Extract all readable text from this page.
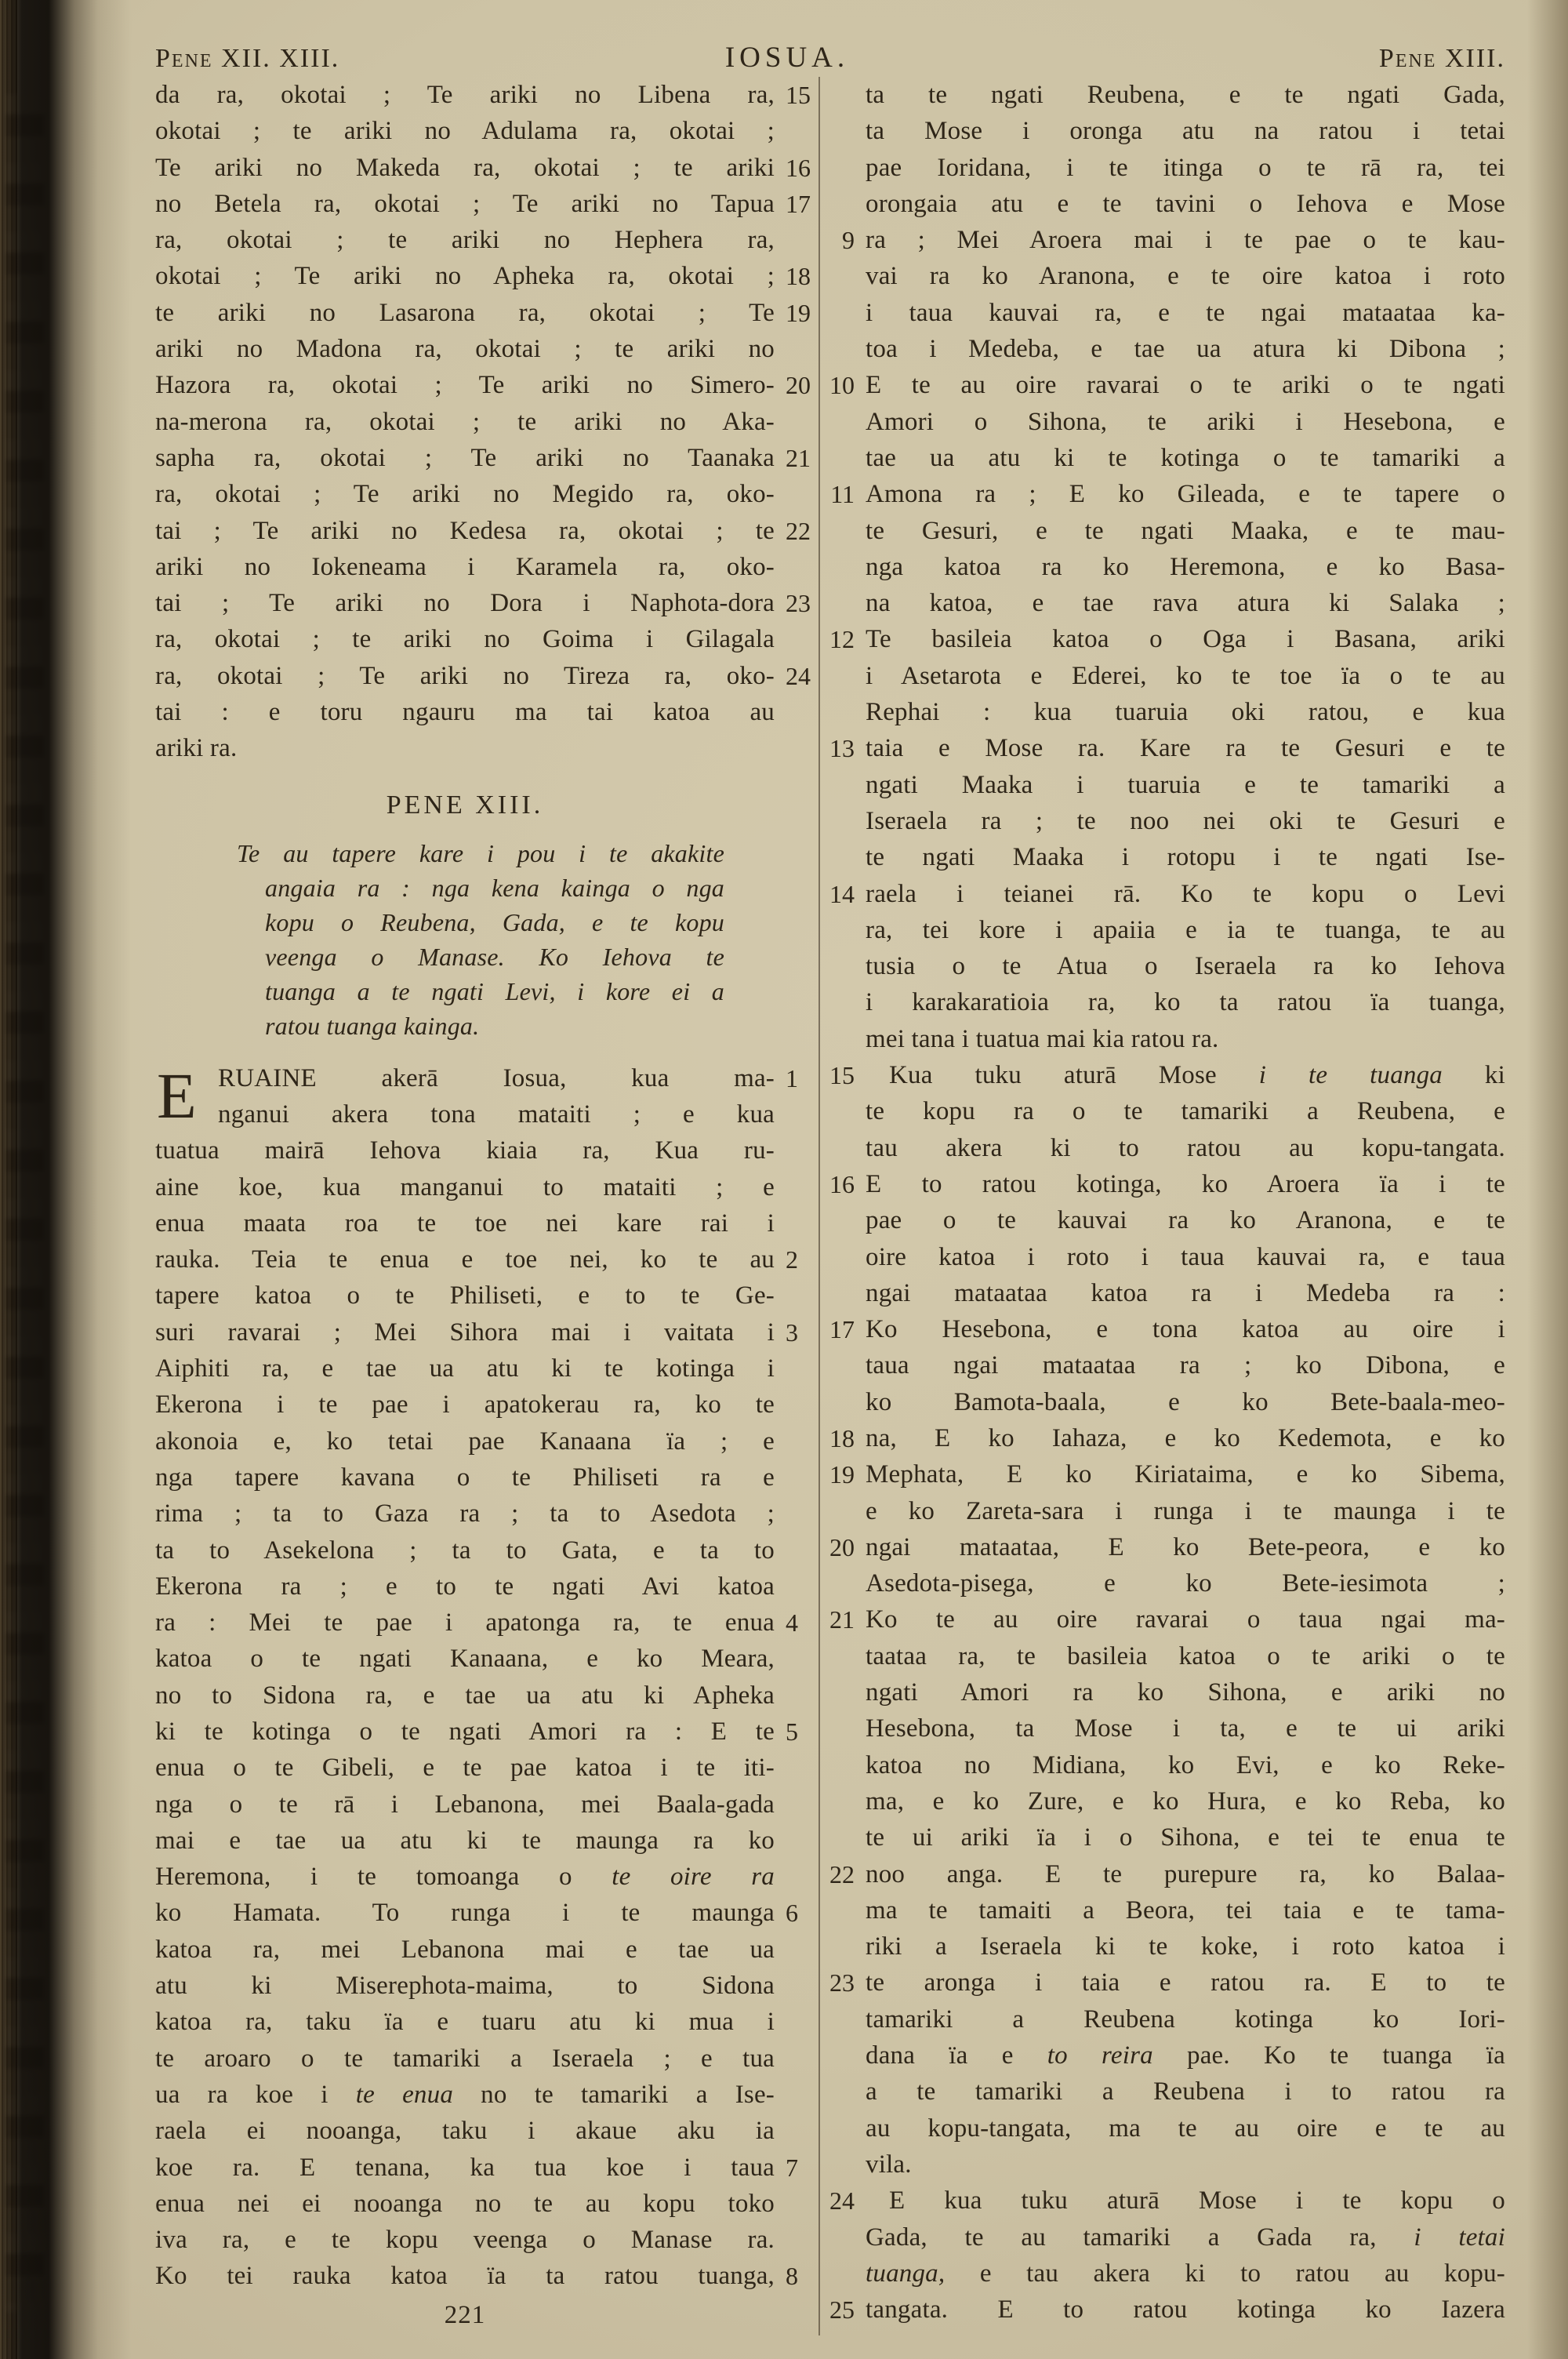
Pene XII. XIII.	IOSUA.	Pene XIII.
da ra, okotai ; Te ariki no Libena ra, 15
okotai ; te ariki no Adulama ra, okotai ;
Te ariki no Makeda ra, okotai ; te ariki 16
no Betela ra, okotai ; Te ariki no Tapua 17
ra, okotai ; te ariki no Hephera ra,
okotai ; Te ariki no Apheka ra, okotai ; 18
te ariki no Lasarona ra, okotai ; Te 19
ariki no Madona ra, okotai ; te ariki no
Hazora ra, okotai ; Te ariki no Simero- 20
na-merona ra, okotai ; te ariki no Aka-
sapha ra, okotai ; Te ariki no Taanaka 21
ra, okotai ; Te ariki no Megido ra, oko-
tai ; Te ariki no Kedesa ra, okotai ; te 22
ariki no Iokeneama i Karamela ra, oko-
tai ; Te ariki no Dora i Naphota-dora 23
ra, okotai ; te ariki no Goima i Gilagala
ra, okotai ; Te ariki no Tireza ra, oko- 24
tai : e toru ngauru ma tai katoa au
ariki ra.
PENE XIII.
Te au tapere kare i pou i te akakite
angaia ra : nga kena kainga o nga
kopu o Reubena, Gada, e te kopu
veenga o Manase. Ko Iehova te
tuanga a te ngati Levi, i kore ei a
ratou tuanga kainga.
E RUAINE akerā Iosua, kua ma- 1
nganui akera tona mataiti ; e kua
tuatua mairā Iehova kiaia ra, Kua ru-
aine koe, kua manganui to mataiti ; e
enua maata roa te toe nei kare rai i
rauka. Teia te enua e toe nei, ko te au 2
tapere katoa o te Philiseti, e to te Ge-
suri ravarai ; Mei Sihora mai i vaitata i 3
Aiphiti ra, e tae ua atu ki te kotinga i
Ekerona i te pae i apatokerau ra, ko te
akonoia e, ko tetai pae Kanaana ïa ; e
nga tapere kavana o te Philiseti ra e
rima ; ta to Gaza ra ; ta to Asedota ;
ta to Asekelona ; ta to Gata, e ta to
Ekerona ra ; e to te ngati Avi katoa
ra : Mei te pae i apatonga ra, te enua 4
katoa o te ngati Kanaana, e ko Meara,
no to Sidona ra, e tae ua atu ki Apheka
ki te kotinga o te ngati Amori ra : E te 5
enua o te Gibeli, e te pae katoa i te iti-
nga o te rā i Lebanona, mei Baala-gada
mai e tae ua atu ki te maunga ra ko
Heremona, i te tomoanga o te oire ra
ko Hamata. To runga i te maunga 6
katoa ra, mei Lebanona mai e tae ua
atu ki Miserephota-maima, to Sidona
katoa ra, taku ïa e tuaru atu ki mua i
te aroaro o te tamariki a Iseraela ; e tua
ua ra koe i te enua no te tamariki a Ise-
raela ei nooanga, taku i akaue aku ia
koe ra. E tenana, ka tua koe i taua 7
enua nei ei nooanga no te au kopu toko
iva ra, e te kopu veenga o Manase ra.
Ko tei rauka katoa ïa ta ratou tuanga, 8
ta te ngati Reubena, e te ngati Gada,
ta Mose i oronga atu na ratou i tetai
pae Ioridana, i te itinga o te rā ra, tei
orongaia atu e te tavini o Iehova e Mose
ra ; Mei Aroera mai i te pae o te kau-
9
vai ra ko Aranona, e te oire katoa i roto
i taua kauvai ra, e te ngai mataataa ka-
toa i Medeba, e tae ua atura ki Dibona ;
E te au oire ravarai o te ariki o te ngati
10
Amori o Sihona, te ariki i Hesebona, e
tae ua atu ki te kotinga o te tamariki a
Amona ra ; E ko Gileada, e te tapere o
11
te Gesuri, e te ngati Maaka, e te mau-
nga katoa ra ko Heremona, e ko Basa-
na katoa, e tae rava atura ki Salaka ;
Te basileia katoa o Oga i Basana, ariki
12
i Asetarota e Ederei, ko te toe ïa o te au
Rephai : kua tuaruia oki ratou, e kua
taia e Mose ra. Kare ra te Gesuri e te
13
ngati Maaka i tuaruia e te tamariki a
Iseraela ra ; te noo nei oki te Gesuri e
te ngati Maaka i rotopu i te ngati Ise-
raela i teianei rā. Ko te kopu o Levi
14
ra, tei kore i apaiia e ia te tuanga, te au
tusia o te Atua o Iseraela ra ko Iehova
i karakaratioia ra, ko ta ratou ïa tuanga,
mei tana i tuatua mai kia ratou ra.
Kua tuku aturā Mose i te tuanga ki
15
te kopu ra o te tamariki a Reubena, e
tau akera ki to ratou au kopu-tangata.
E to ratou kotinga, ko Aroera ïa i te
16
pae o te kauvai ra ko Aranona, e te
oire katoa i roto i taua kauvai ra, e taua
ngai mataataa katoa ra i Medeba ra :
Ko Hesebona, e tona katoa au oire i
17
taua ngai mataataa ra ; ko Dibona, e
ko Bamota-baala, e ko Bete-baala-meo-
na, E ko Iahaza, e ko Kedemota, e ko
18
Mephata, E ko Kiriataima, e ko Sibema,
19
e ko Zareta-sara i runga i te maunga i te
ngai mataataa, E ko Bete-peora, e ko
20
Asedota-pisega, e ko Bete-iesimota ;
Ko te au oire ravarai o taua ngai ma-
21
taataa ra, te basileia katoa o te ariki o te
ngati Amori ra ko Sihona, e ariki no
Hesebona, ta Mose i ta, e te ui ariki
katoa no Midiana, ko Evi, e ko Reke-
ma, e ko Zure, e ko Hura, e ko Reba, ko
te ui ariki ïa i o Sihona, e tei te enua te
noo anga. E te purepure ra, ko Balaa-
22
ma te tamaiti a Beora, tei taia e te tama-
riki a Iseraela ki te koke, i roto katoa i
te aronga i taia e ratou ra. E to te
23
tamariki a Reubena kotinga ko Iori-
dana ïa e to reira pae. Ko te tuanga ïa
a te tamariki a Reubena i to ratou ra
au kopu-tangata, ma te au oire e te au
vila.
E kua tuku aturā Mose i te kopu o
24
Gada, te au tamariki a Gada ra, i tetai
tuanga, e tau akera ki to ratou au kopu-
tangata. E to ratou kotinga ko Iazera
25
221
